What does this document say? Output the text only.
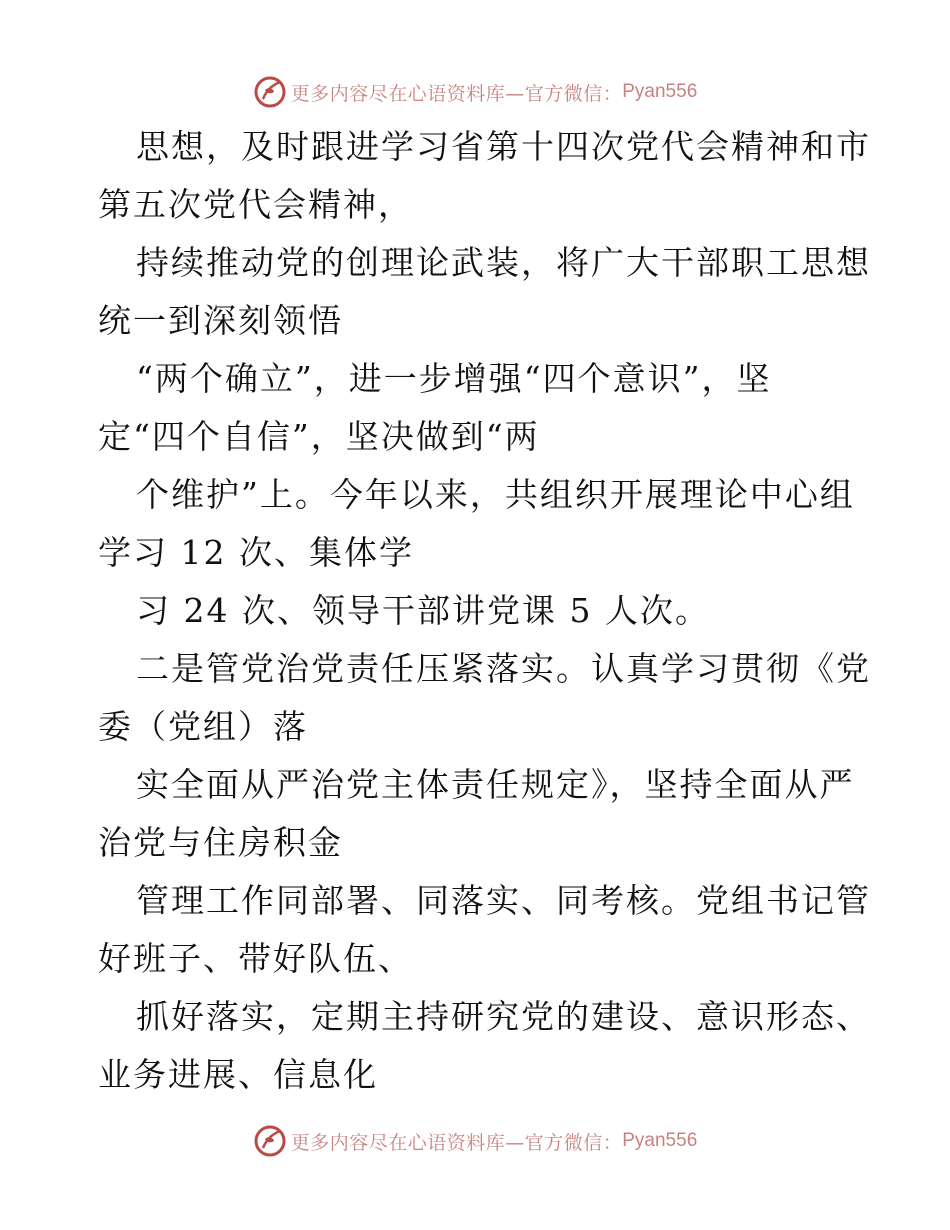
更多内容尽在心语资料库—官方微信： Pyan556
思想，及时跟进学习省第十四次党代会精神和市
第五次党代会精神，
持续推动党的创理论武装，将广大干部职工思想
统一到深刻领悟
“两个确立”，进一步增强“四个意识”，坚
定“四个自信”，坚决做到“两
个维护”上。今年以来，共组织开展理论中心组
学习 12 次、集体学
习 24 次、领导干部讲党课 5 人次。
二是管党治党责任压紧落实。认真学习贯彻《党
委（党组）落
实全面从严治党主体责任规定》，坚持全面从严
治党与住房积金
管理工作同部署、同落实、同考核。党组书记管
好班子、带好队伍、
抓好落实，定期主持研究党的建设、意识形态、
业务进展、信息化
更多内容尽在心语资料库—官方微信： Pyan556
